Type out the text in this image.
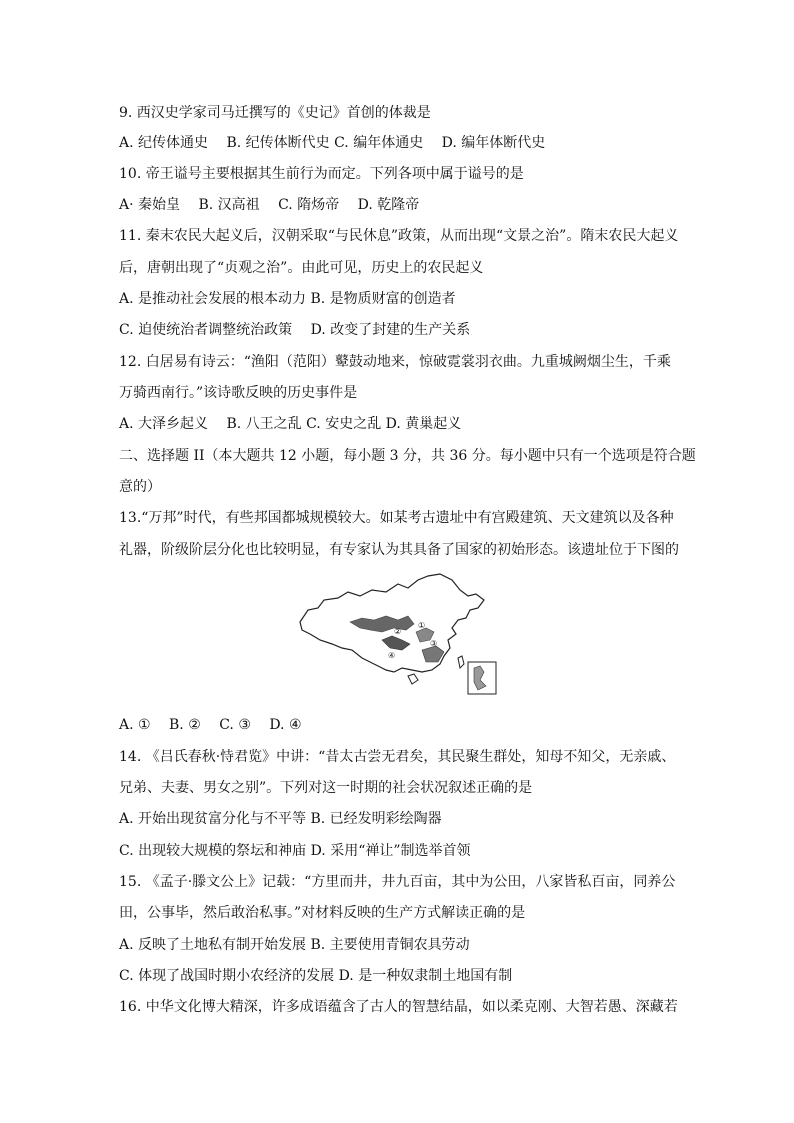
9. 西汉史学家司马迁撰写的《史记》首创的体裁是
A. 纪传体通史　 B. 纪传体断代史 C. 编年体通史　 D. 编年体断代史
10. 帝王谥号主要根据其生前行为而定。下列各项中属于谥号的是
A· 秦始皇　 B. 汉高祖　 C. 隋炀帝　 D. 乾隆帝
11. 秦末农民大起义后，汉朝采取“与民休息”政策，从而出现“文景之治”。隋末农民大起义
后，唐朝出现了“贞观之治”。由此可见，历史上的农民起义
A. 是推动社会发展的根本动力 B. 是物质财富的创造者
C. 迫使统治者调整统治政策　 D. 改变了封建的生产关系
12. 白居易有诗云：“渔阳（范阳）鼙鼓动地来，惊破霓裳羽衣曲。九重城阙烟尘生，千乘
万骑西南行。”该诗歌反映的历史事件是
A. 大泽乡起义　 B. 八王之乱 C. 安史之乱 D. 黄巢起义
二、选择题 II（本大题共 12 小题，每小题 3 分，共 36 分。每小题中只有一个选项是符合题
意的）
13.“万邦”时代，有些邦国都城规模较大。如某考古遗址中有宫殿建筑、天文建筑以及各种
礼器，阶级阶层分化也比较明显，有专家认为其具备了国家的初始形态。该遗址位于下图的
①
②
③
④
A. ①　 B. ②　 C. ③　 D. ④
14. 《吕氏春秋·恃君览》中讲：“昔太古尝无君矣，其民聚生群处，知母不知父，无亲戚、
兄弟、夫妻、男女之别”。下列对这一时期的社会状况叙述正确的是
A. 开始出现贫富分化与不平等 B. 已经发明彩绘陶器
C. 出现较大规模的祭坛和神庙 D. 采用“禅让”制选举首领
15. 《孟子·滕文公上》记载：“方里而井，井九百亩，其中为公田，八家皆私百亩，同养公
田，公事毕，然后敢治私事。”对材料反映的生产方式解读正确的是
A. 反映了土地私有制开始发展 B. 主要使用青铜农具劳动
C. 体现了战国时期小农经济的发展 D. 是一种奴隶制土地国有制
16. 中华文化博大精深，许多成语蕴含了古人的智慧结晶，如以柔克刚、大智若愚、深藏若
